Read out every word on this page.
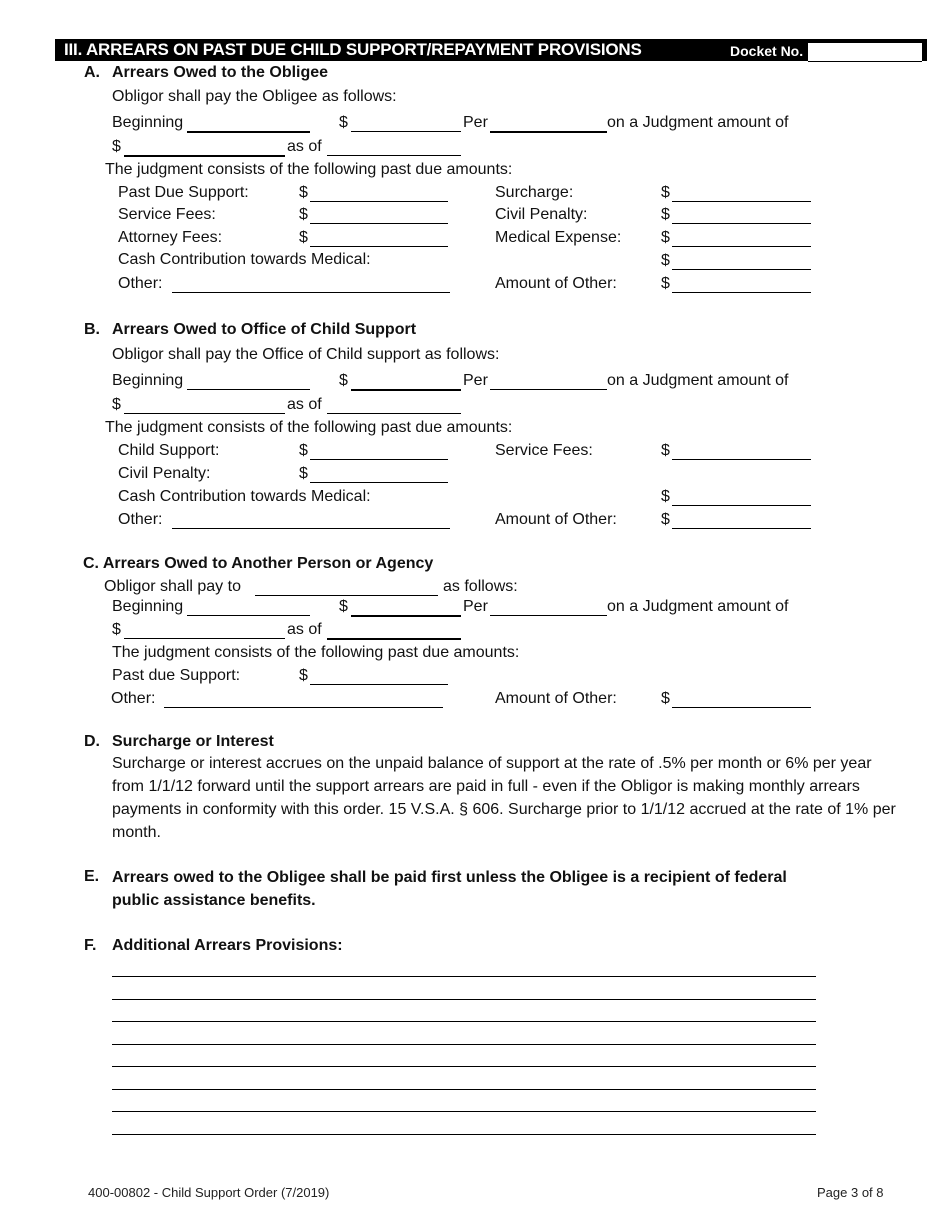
III. ARREARS ON PAST DUE CHILD SUPPORT/REPAYMENT PROVISIONS	Docket No.
A. Arrears Owed to the Obligee
Obligor shall pay the Obligee as follows:
Beginning	$	Per	on a Judgment amount of
$	as of
The judgment consists of the following past due amounts:
Past Due Support:	$	Surcharge:	$
Service Fees:	$	Civil Penalty:	$
Attorney Fees:	$	Medical Expense: $
Cash Contribution towards Medical:	$
Other:	Amount of Other:	$
B. Arrears Owed to Office of Child Support
Obligor shall pay the Office of Child support as follows:
Beginning	$	Per	on a Judgment amount of
$	as of
The judgment consists of the following past due amounts:
Child Support:	$	Service Fees:	$
Civil Penalty:	$
Cash Contribution towards Medical:	$
Other:	Amount of Other:	$
C. Arrears Owed to Another Person or Agency
Obligor shall pay to	as follows:
Beginning	$	Per	on a Judgment amount of
$	as of
The judgment consists of the following past due amounts:
Past due Support:	$
Other:	Amount of Other:	$
D. Surcharge or Interest
Surcharge or interest accrues on the unpaid balance of support at the rate of .5% per month or 6% per year from 1/1/12 forward until the support arrears are paid in full - even if the Obligor is making monthly arrears payments in conformity with this order. 15 V.S.A. § 606. Surcharge prior to 1/1/12 accrued at the rate of 1% per month.
E. Arrears owed to the Obligee shall be paid first unless the Obligee is a recipient of federal public assistance benefits.
F. Additional Arrears Provisions:
400-00802 - Child Support Order (7/2019)	Page 3 of 8
